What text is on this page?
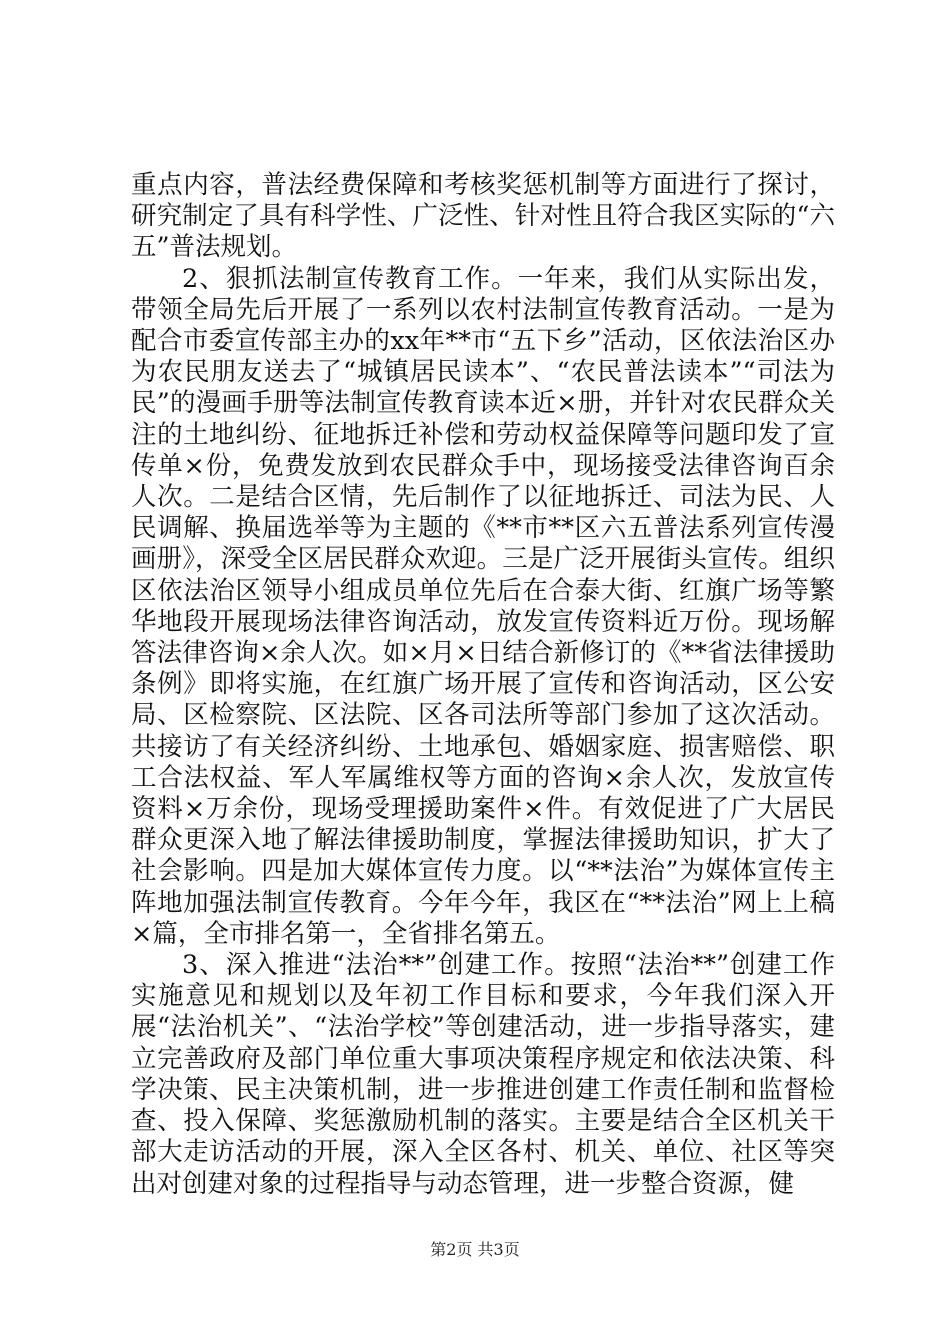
重点内容，普法经费保障和考核奖惩机制等方面进行了探讨，研究制定了具有科学性、广泛性、针对性且符合我区实际的“六五”普法规划。

2、狠抓法制宣传教育工作。一年来，我们从实际出发，带领全局先后开展了一系列以农村法制宣传教育活动。一是为配合市委宣传部主办的xx年**市“五下乡”活动，区依法治区办为农民朋友送去了“城镇居民读本”、“农民普法读本”“司法为民”的漫画手册等法制宣传教育读本近×册，并针对农民群众关注的土地纠纷、征地拆迁补偿和劳动权益保障等问题印发了宣传单×份，免费发放到农民群众手中，现场接受法律咨询百余人次。二是结合区情，先后制作了以征地拆迁、司法为民、人民调解、换届选举等为主题的《**市**区六五普法系列宣传漫画册》，深受全区居民群众欢迎。三是广泛开展街头宣传。组织区依法治区领导小组成员单位先后在合泰大街、红旗广场等繁华地段开展现场法律咨询活动，放发宣传资料近万份。现场解答法律咨询×余人次。如×月×日结合新修订的《**省法律援助条例》即将实施，在红旗广场开展了宣传和咨询活动，区公安局、区检察院、区法院、区各司法所等部门参加了这次活动。共接访了有关经济纠纷、土地承包、婚姻家庭、损害赔偿、职工合法权益、军人军属维权等方面的咨询×余人次，发放宣传资料×万余份，现场受理援助案件×件。有效促进了广大居民群众更深入地了解法律援助制度，掌握法律援助知识，扩大了社会影响。四是加大媒体宣传力度。以“**法治”为媒体宣传主阵地加强法制宣传教育。今年今年，我区在“**法治”网上上稿×篇，全市排名第一，全省排名第五。

3、深入推进“法治**”创建工作。按照“法治**”创建工作实施意见和规划以及年初工作目标和要求，今年我们深入开展“法治机关”、“法治学校”等创建活动，进一步指导落实，建立完善政府及部门单位重大事项决策程序规定和依法决策、科学决策、民主决策机制，进一步推进创建工作责任制和监督检查、投入保障、奖惩激励机制的落实。主要是结合全区机关干部大走访活动的开展，深入全区各村、机关、单位、社区等突出对创建对象的过程指导与动态管理，进一步整合资源，健

第2页 共3页
